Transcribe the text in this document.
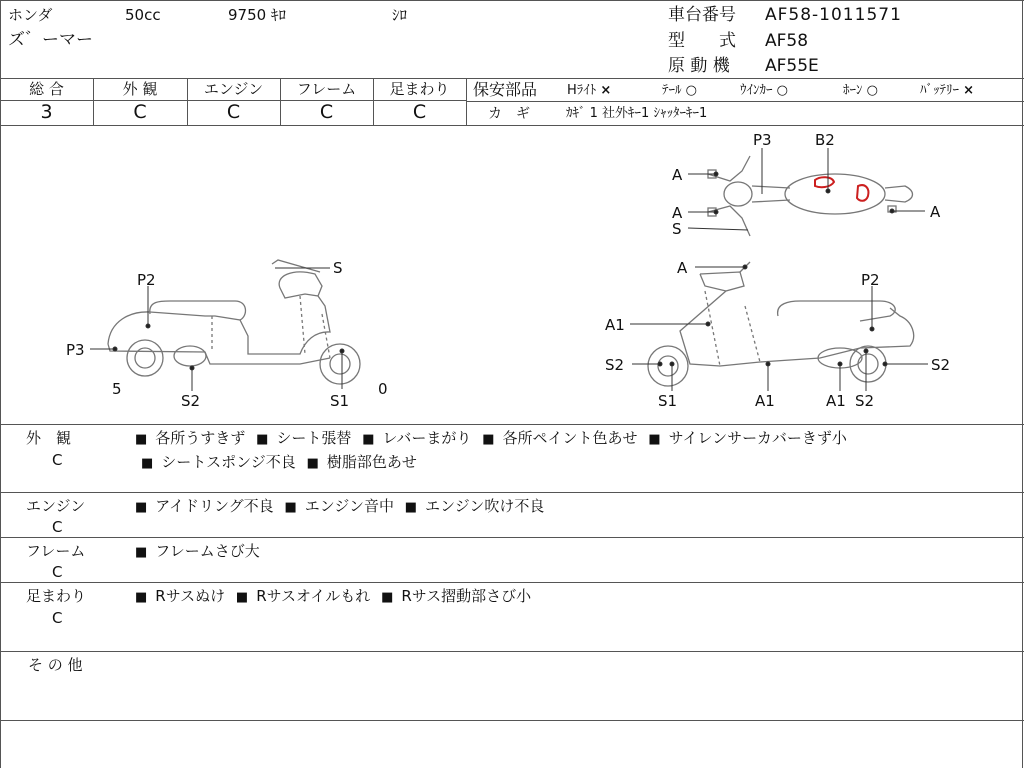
ホンダ
ズ゛ーマー
50cc	9750 ｷﾛ	ｼﾛ	車台番号 AF58-1011571
型　　式 AF58
原 動 機 AF55E
総 合
3
外 観
C
エンジン
C
フレーム
C
足まわり
C
保安部品 Hﾗｲﾄ ×	ﾃｰﾙ ○	ｳｲﾝｶｰ ○	ﾎｰﾝ ○	ﾊﾞｯﾃﾘｰ ×
カ　ギ	ｶｷﾞ 1 社外ｷｰ1 ｼｬｯﾀｰｷｰ1
P2
P3
S
S2	S1
5	0
A
A1
P2
S2	S2
S1	A1	A1 S2
P3	B2
A
A	A
S
外　観
C
■ 各所うすきず ■ シート張替 ■ レバーまがり ■ 各所ペイント色あせ ■ サイレンサーカバーきず小 ■ シートスポンジ不良 ■ 樹脂部色あせ
エンジン
C
■ アイドリング不良 ■ エンジン音中 ■ エンジン吹け不良
フレーム
C
■ フレームさび大
足まわり
C
■ Rサスぬけ ■ Rサスオイルもれ ■ Rサス摺動部さび小
そ の 他
